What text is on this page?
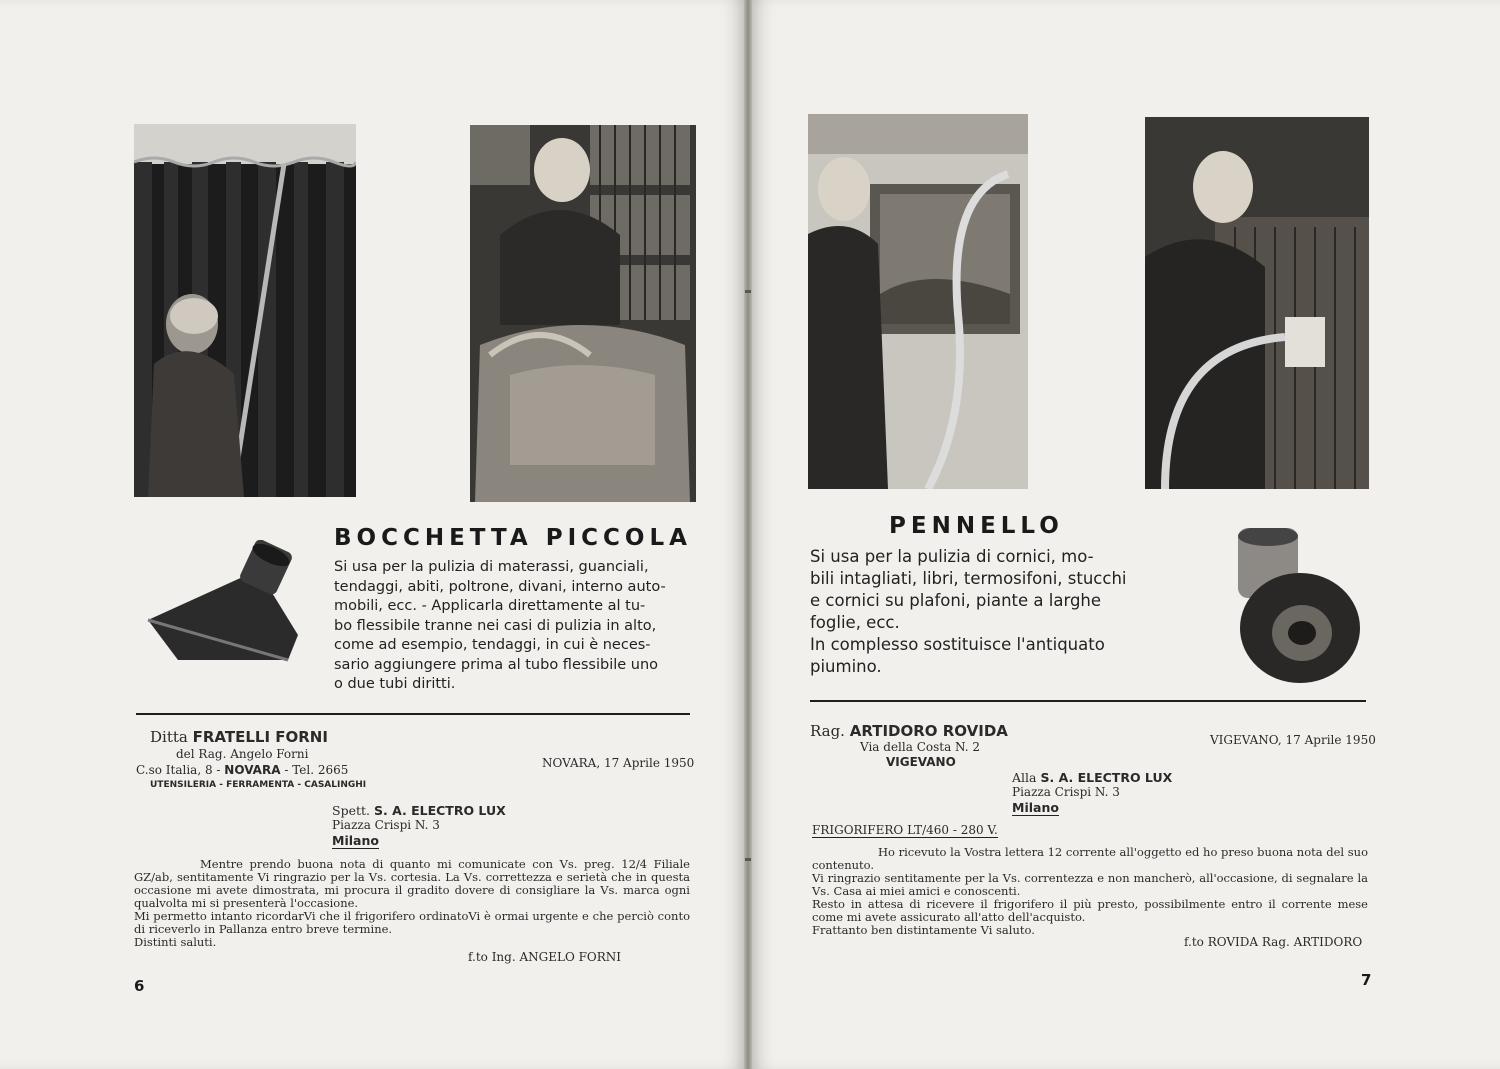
BOCCHETTA PICCOLA
Si usa per la pulizia di materassi, guanciali,
tendaggi, abiti, poltrone, divani, interno auto-
mobili, ecc. - Applicarla direttamente al tu-
bo flessibile tranne nei casi di pulizia in alto,
come ad esempio, tendaggi, in cui è neces-
sario aggiungere prima al tubo flessibile uno
o due tubi diritti.
Ditta FRATELLI FORNI
del Rag. Angelo Forni
C.so Italia, 8 - NOVARA - Tel. 2665
UTENSILERIA - FERRAMENTA - CASALINGHI
NOVARA, 17 Aprile 1950
Spett. S. A. ELECTRO LUX
Piazza Crispi N. 3
Milano
Mentre prendo buona nota di quanto mi comunicate con Vs. preg. 12/4 Filiale GZ/ab, sentitamente Vi ringrazio per la Vs. cortesia. La Vs. correttezza e serietà che in questa occasione mi avete dimostrata, mi procura il gradito dovere di consigliare la Vs. marca ogni qualvolta mi si presenterà l'occasione.
Mi permetto intanto ricordarVi che il frigorifero ordinatoVi è ormai urgente e che perciò conto di riceverlo in Pallanza entro breve termine.
Distinti saluti.
f.to Ing. ANGELO FORNI
6
PENNELLO
Si usa per la pulizia di cornici, mo-
bili intagliati, libri, termosifoni, stucchi
e cornici su plafoni, piante a larghe
foglie, ecc.
In complesso sostituisce l'antiquato
piumino.
Rag. ARTIDORO ROVIDA
Via della Costa N. 2
VIGEVANO
VIGEVANO, 17 Aprile 1950
Alla S. A. ELECTRO LUX
Piazza Crispi N. 3
Milano
FRIGORIFERO LT/460 - 280 V.
Ho ricevuto la Vostra lettera 12 corrente all'oggetto ed ho preso buona nota del suo contenuto.
Vi ringrazio sentitamente per la Vs. correntezza e non mancherò, all'occasione, di segnalare la Vs. Casa ai miei amici e conoscenti.
Resto in attesa di ricevere il frigorifero il più presto, possibilmente entro il corrente mese come mi avete assicurato all'atto dell'acquisto.
Frattanto ben distintamente Vi saluto.
f.to ROVIDA Rag. ARTIDORO
7
